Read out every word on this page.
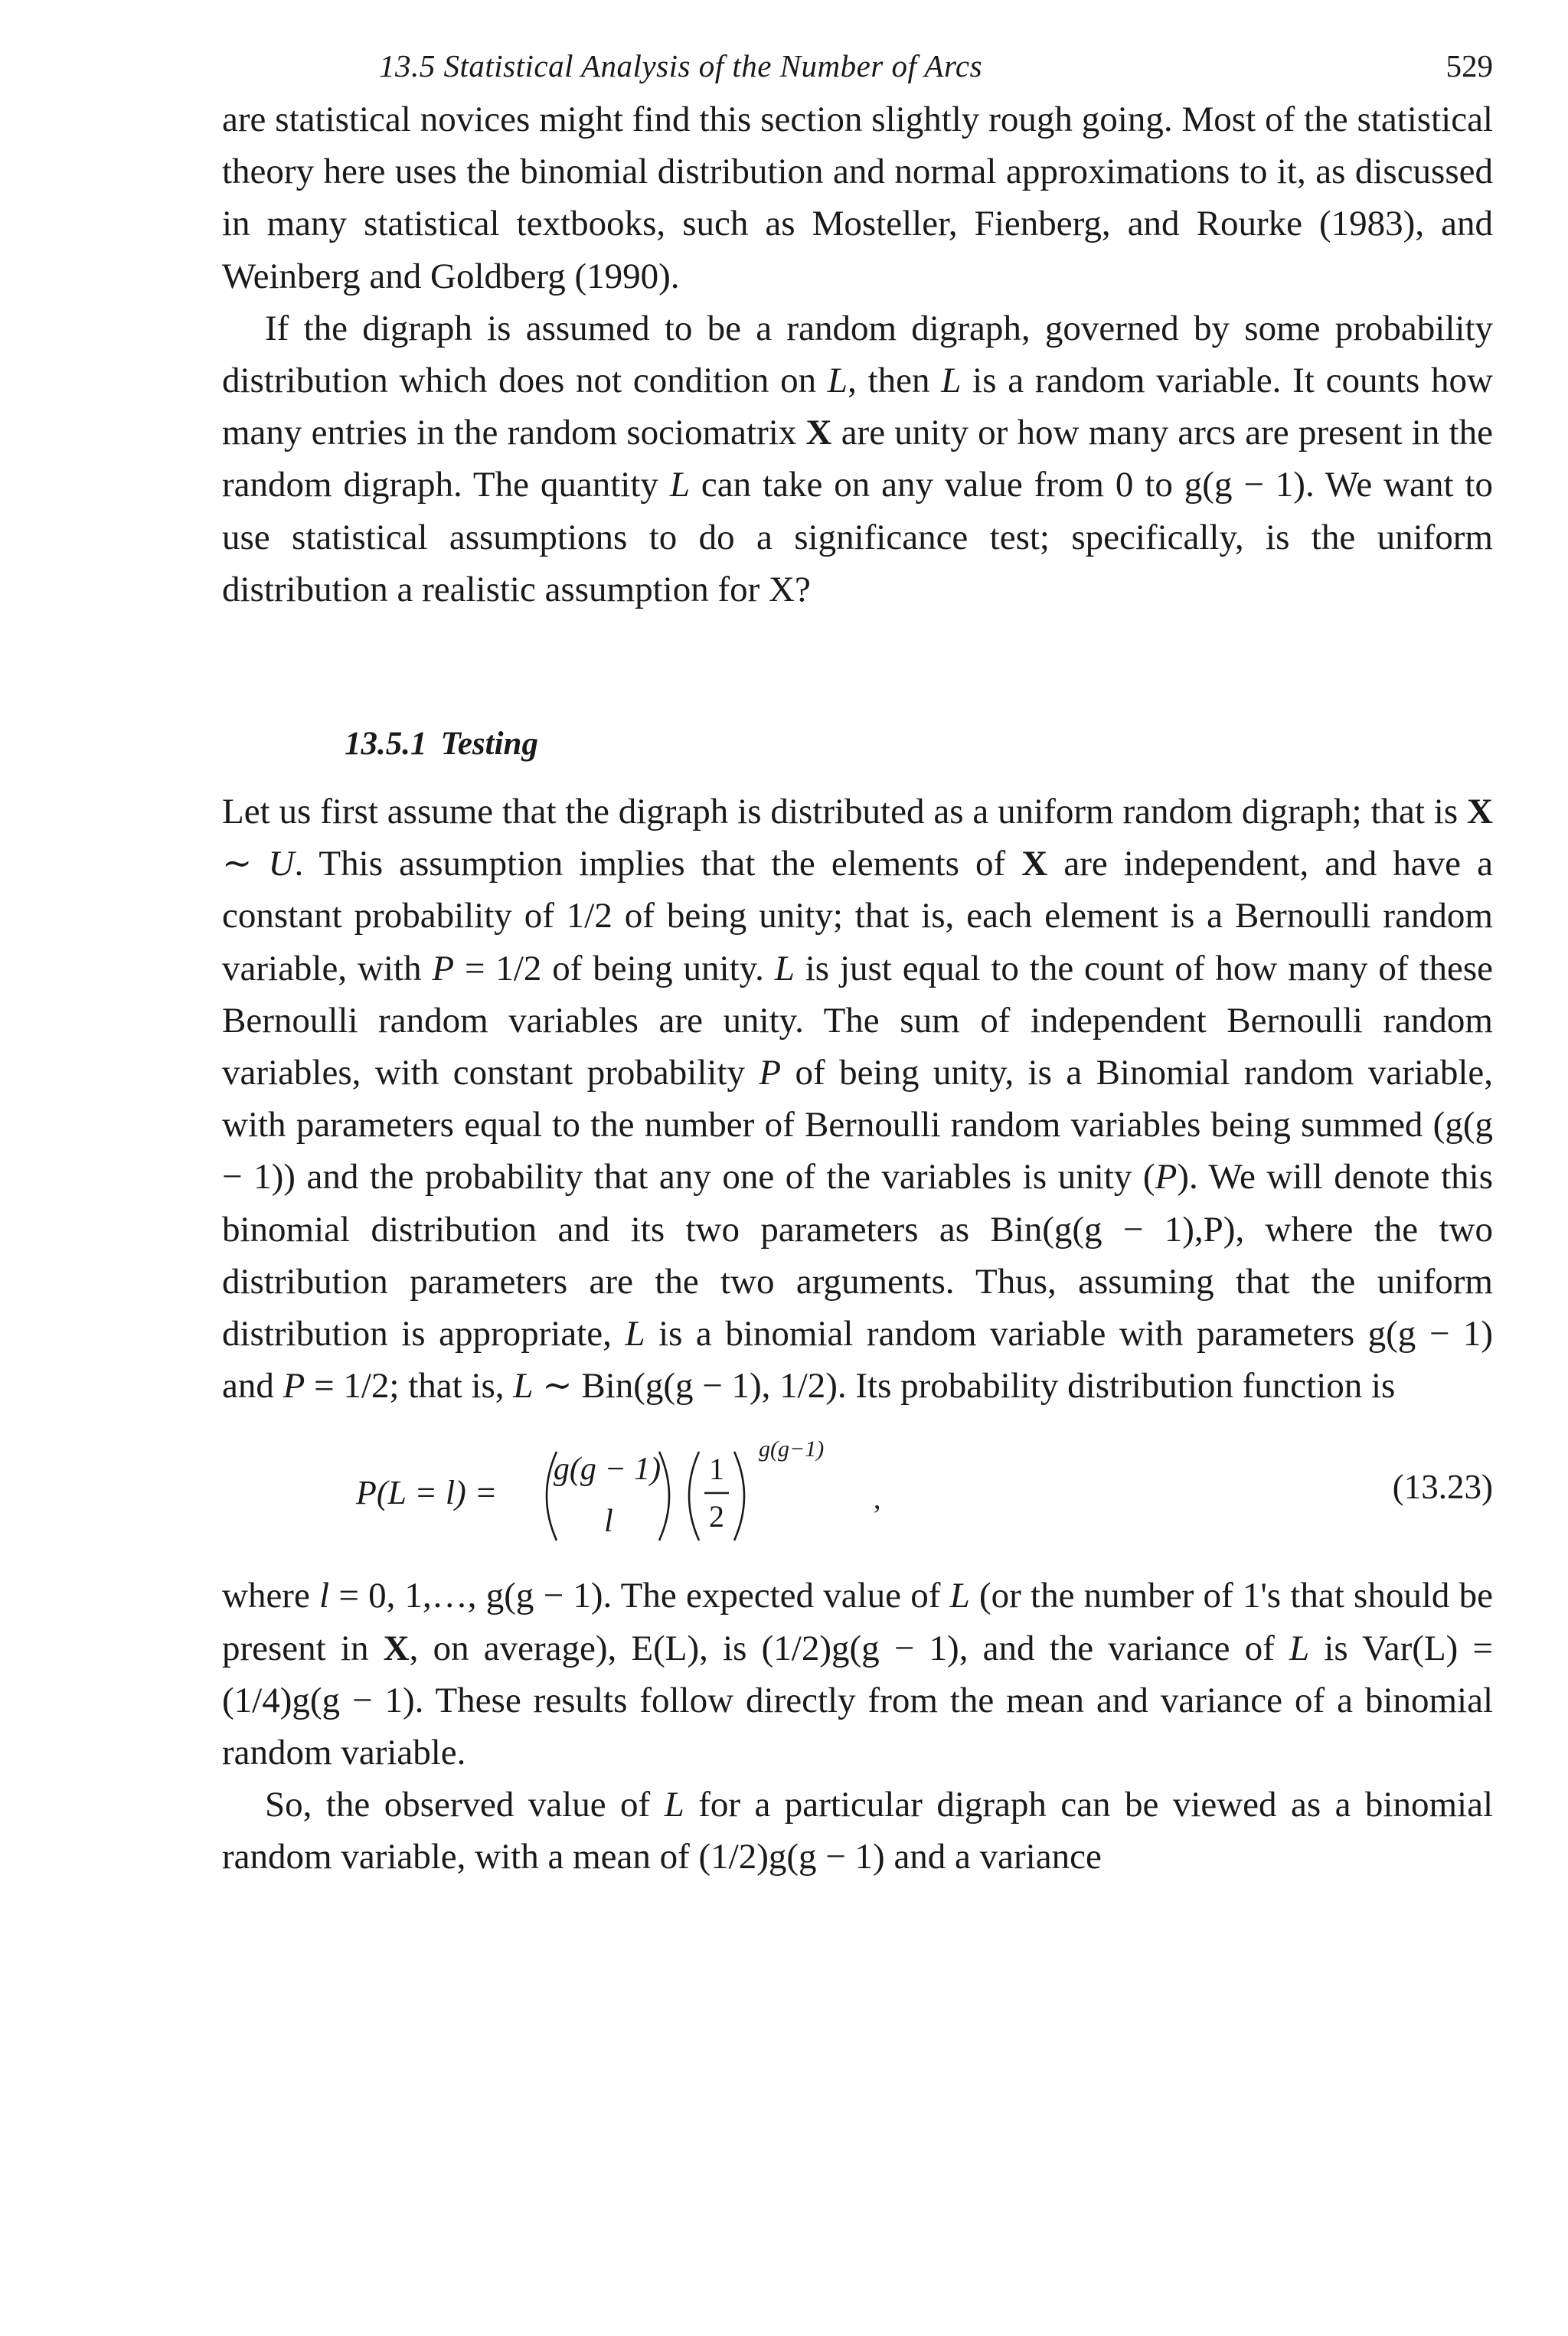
13.5 Statistical Analysis of the Number of Arcs	529

are statistical novices might find this section slightly rough going. Most of the statistical theory here uses the binomial distribution and normal approximations to it, as discussed in many statistical textbooks, such as Mosteller, Fienberg, and Rourke (1983), and Weinberg and Goldberg (1990).

If the digraph is assumed to be a random digraph, governed by some probability distribution which does not condition on L, then L is a random variable. It counts how many entries in the random sociomatrix X are unity or how many arcs are present in the random digraph. The quantity L can take on any value from 0 to g(g − 1). We want to use statistical assumptions to do a significance test; specifically, is the uniform distribution a realistic assumption for X?

13.5.1 Testing

Let us first assume that the digraph is distributed as a uniform random digraph; that is X ∼ U. This assumption implies that the elements of X are independent, and have a constant probability of 1/2 of being unity; that is, each element is a Bernoulli random variable, with P = 1/2 of being unity. L is just equal to the count of how many of these Bernoulli random variables are unity. The sum of independent Bernoulli random variables, with constant probability P of being unity, is a Binomial random variable, with parameters equal to the number of Bernoulli random variables being summed (g(g − 1)) and the probability that any one of the variables is unity (P). We will denote this binomial distribution and its two parameters as Bin(g(g − 1),P), where the two distribution parameters are the two arguments. Thus, assuming that the uniform distribution is appropriate, L is a binomial random variable with parameters g(g − 1) and P = 1/2; that is, L ∼ Bin(g(g − 1), 1/2). Its probability distribution function is

P(L = l) =
g(g − 1)
l
1
2
g(g−1)
,	(13.23)

where l = 0, 1,…, g(g − 1). The expected value of L (or the number of 1's that should be present in X, on average), E(L), is (1/2)g(g − 1), and the variance of L is Var(L) = (1/4)g(g − 1). These results follow directly from the mean and variance of a binomial random variable.

So, the observed value of L for a particular digraph can be viewed as a binomial random variable, with a mean of (1/2)g(g − 1) and a variance
